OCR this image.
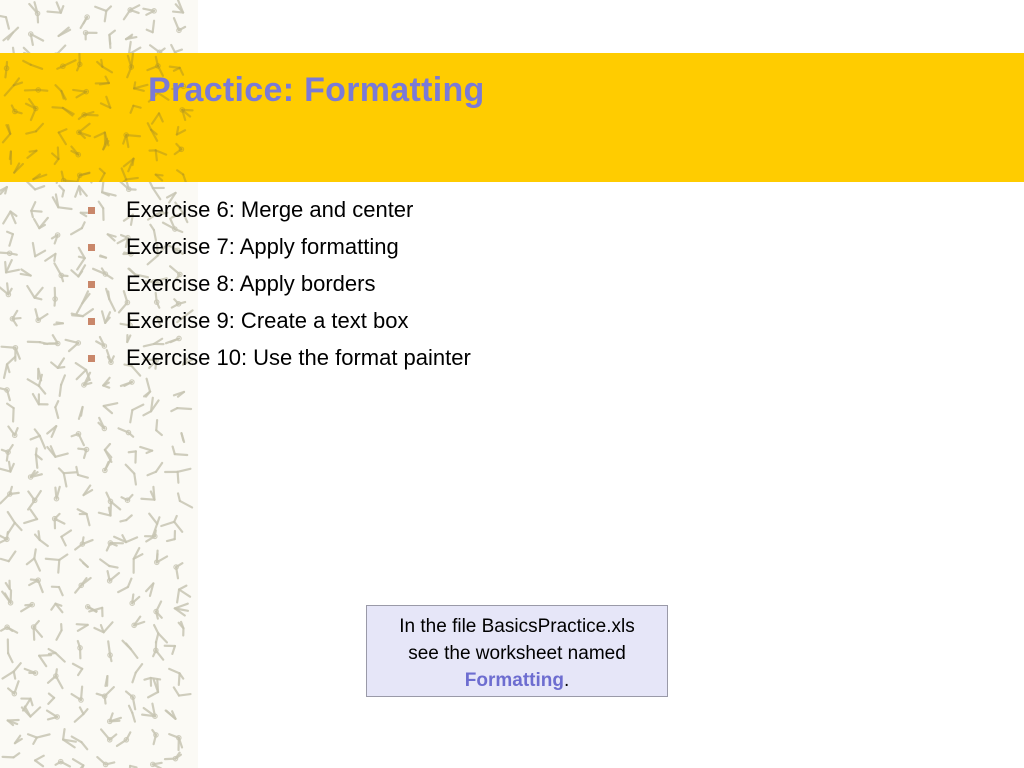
Practice: Formatting
Exercise 6: Merge and center
Exercise 7: Apply formatting
Exercise 8: Apply borders
Exercise 9: Create a text box
Exercise 10: Use the format painter
In the file BasicsPractice.xls
see the worksheet named
Formatting.
